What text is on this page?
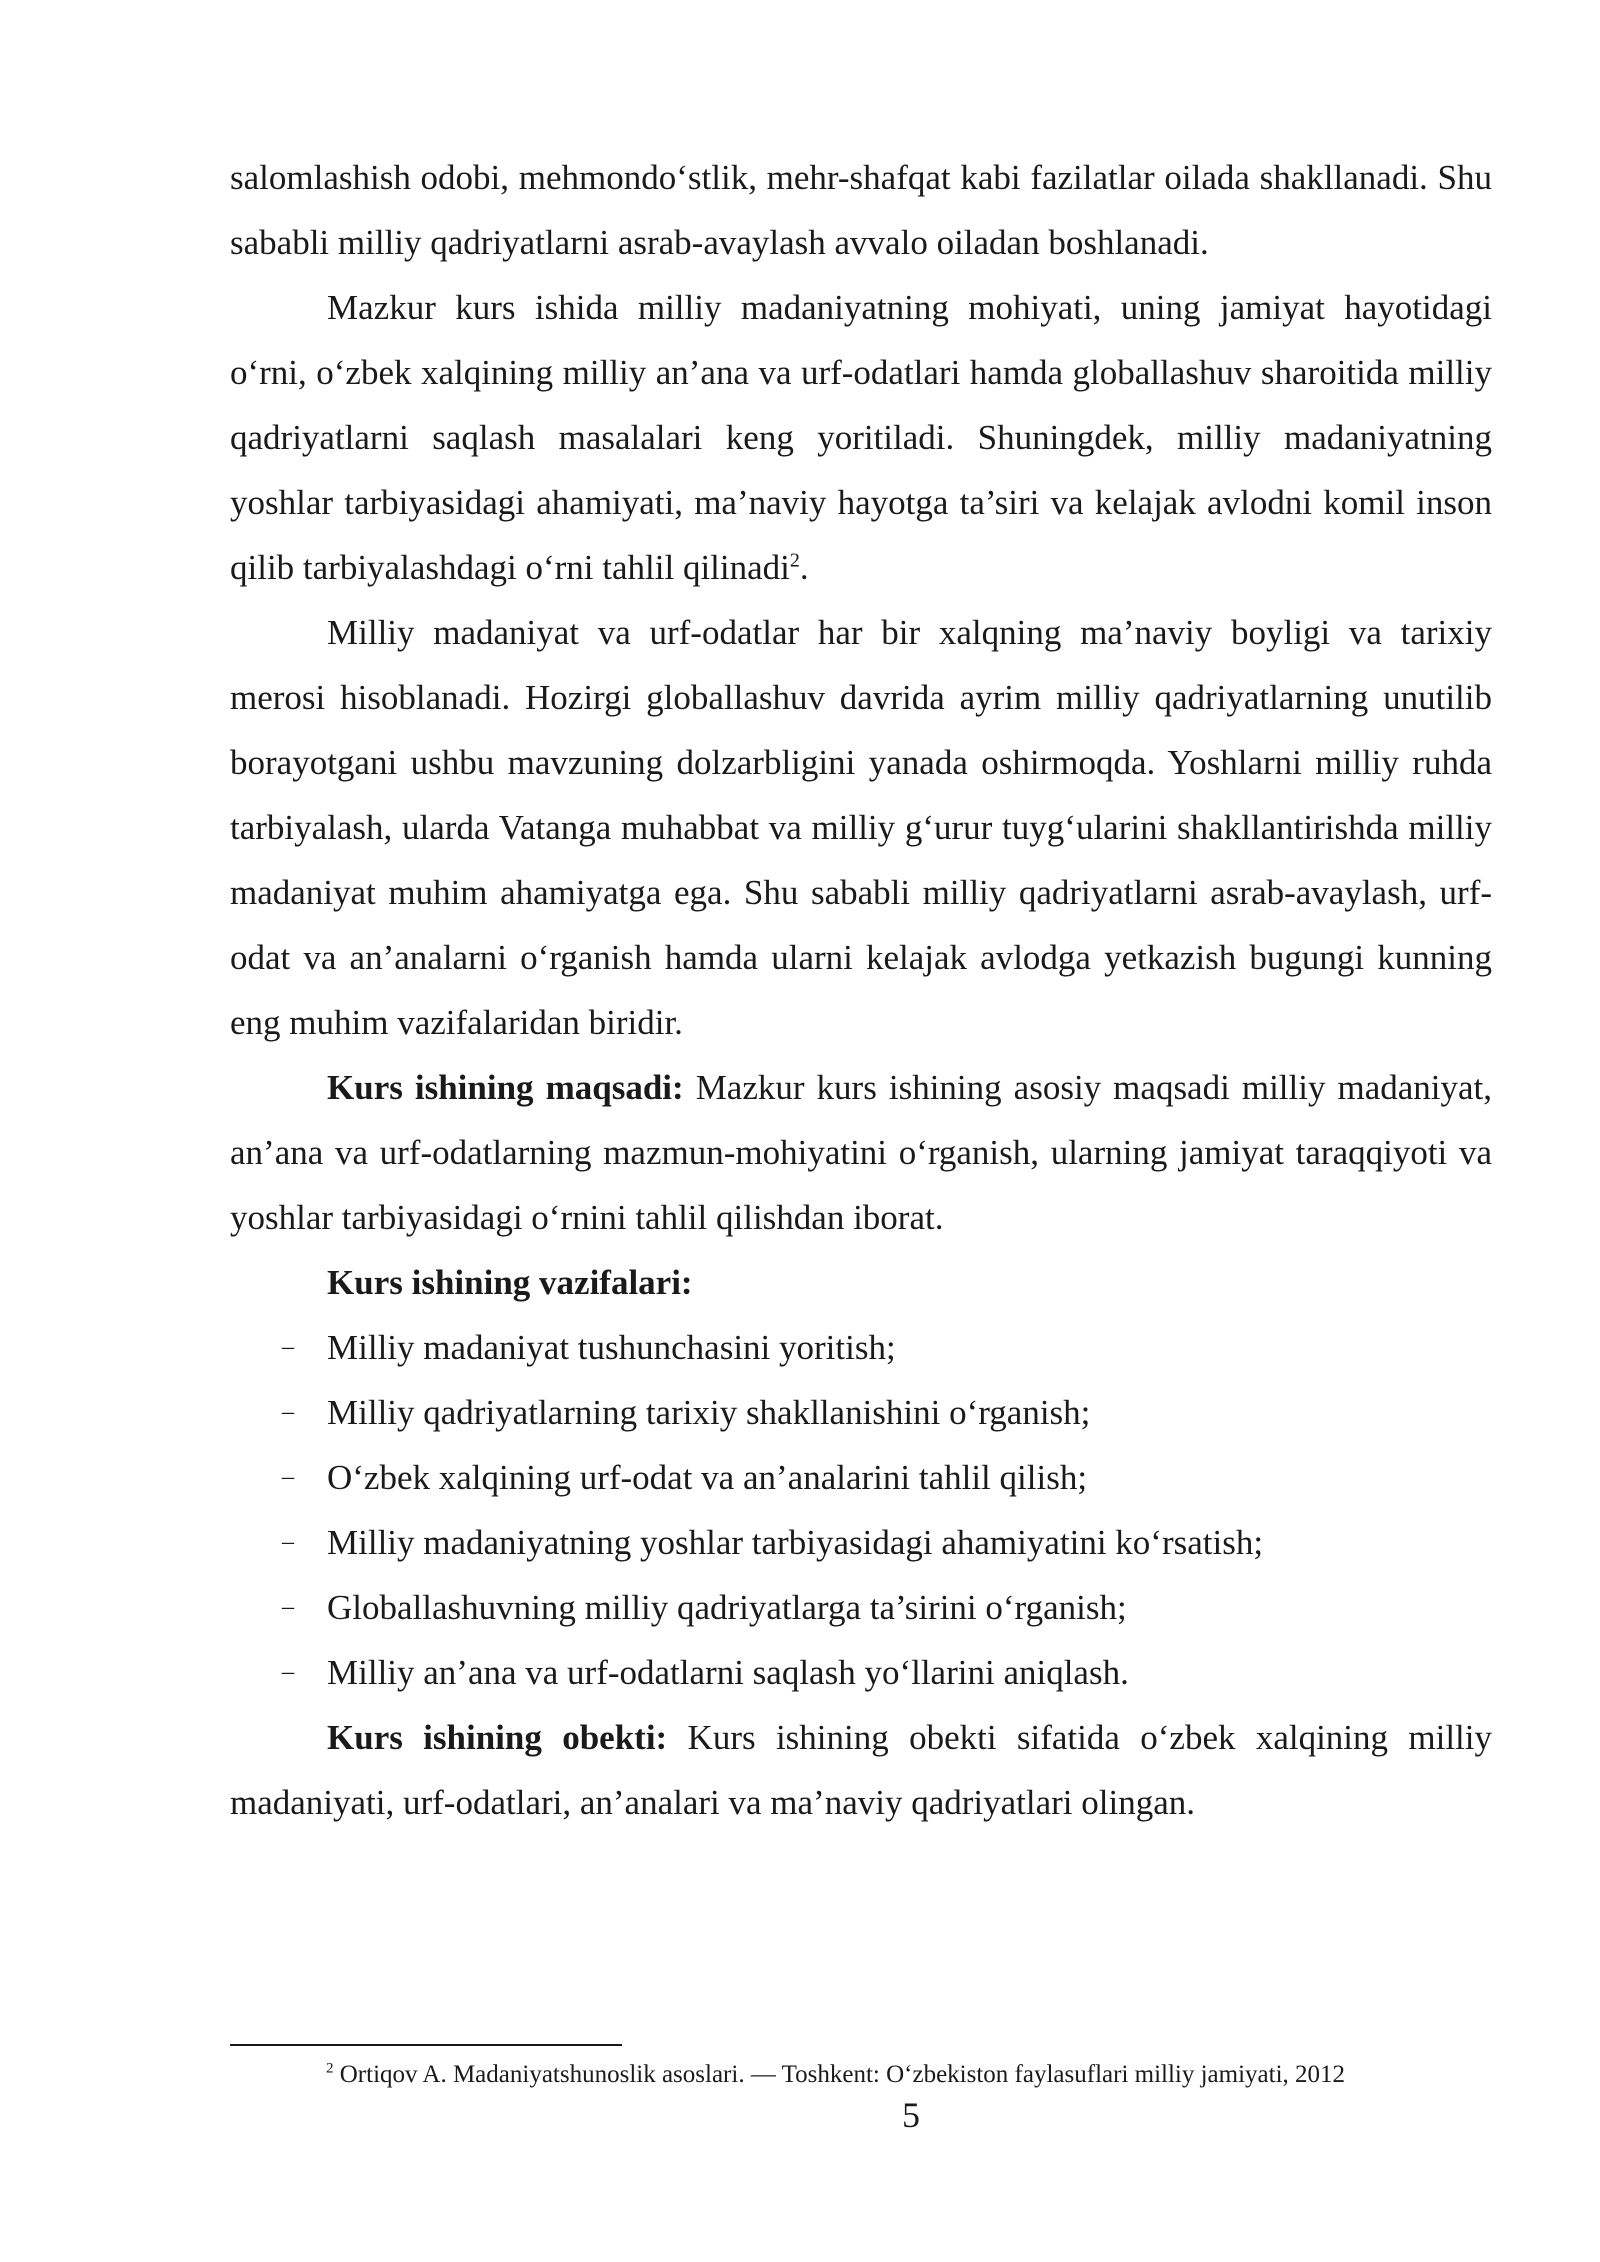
salomlashish odobi, mehmondo‘stlik, mehr-shafqat kabi fazilatlar oilada shakllanadi. Shu sababli milliy qadriyatlarni asrab-avaylash avvalo oiladan boshlanadi.

Mazkur kurs ishida milliy madaniyatning mohiyati, uning jamiyat hayotidagi o‘rni, o‘zbek xalqining milliy an’ana va urf-odatlari hamda globallashuv sharoitida milliy qadriyatlarni saqlash masalalari keng yoritiladi. Shuningdek, milliy madaniyatning yoshlar tarbiyasidagi ahamiyati, ma’naviy hayotga ta’siri va kelajak avlodni komil inson qilib tarbiyalashdagi o‘rni tahlil qilinadi$^2$.

Milliy madaniyat va urf-odatlar har bir xalqning ma’naviy boyligi va tarixiy merosi hisoblanadi. Hozirgi globallashuv davrida ayrim milliy qadriyatlarning unutilib borayotgani ushbu mavzuning dolzarbligini yanada oshirmoqda. Yoshlarni milliy ruhda tarbiyalash, ularda Vatanga muhabbat va milliy g‘urur tuyg‘ularini shakllantirishda milliy madaniyat muhim ahamiyatga ega. Shu sababli milliy qadriyatlarni asrab-avaylash, urf-odat va an’analarni o‘rganish hamda ularni kelajak avlodga yetkazish bugungi kunning eng muhim vazifalaridan biridir.

Kurs ishining maqsadi: Mazkur kurs ishining asosiy maqsadi milliy madaniyat, an’ana va urf-odatlarning mazmun-mohiyatini o‘rganish, ularning jamiyat taraqqiyoti va yoshlar tarbiyasidagi o‘rnini tahlil qilishdan iborat.

Kurs ishining vazifalari:

– Milliy madaniyat tushunchasini yoritish;
– Milliy qadriyatlarning tarixiy shakllanishini o‘rganish;
– O‘zbek xalqining urf-odat va an’analarini tahlil qilish;
– Milliy madaniyatning yoshlar tarbiyasidagi ahamiyatini ko‘rsatish;
– Globallashuvning milliy qadriyatlarga ta’sirini o‘rganish;
– Milliy an’ana va urf-odatlarni saqlash yo‘llarini aniqlash.

Kurs ishining obekti: Kurs ishining obekti sifatida o‘zbek xalqining milliy madaniyati, urf-odatlari, an’analari va ma’naviy qadriyatlari olingan.

$^2$ Ortiqov A. Madaniyatshunoslik asoslari. — Toshkent: O‘zbekiston faylasuflari milliy jamiyati, 2012
5
